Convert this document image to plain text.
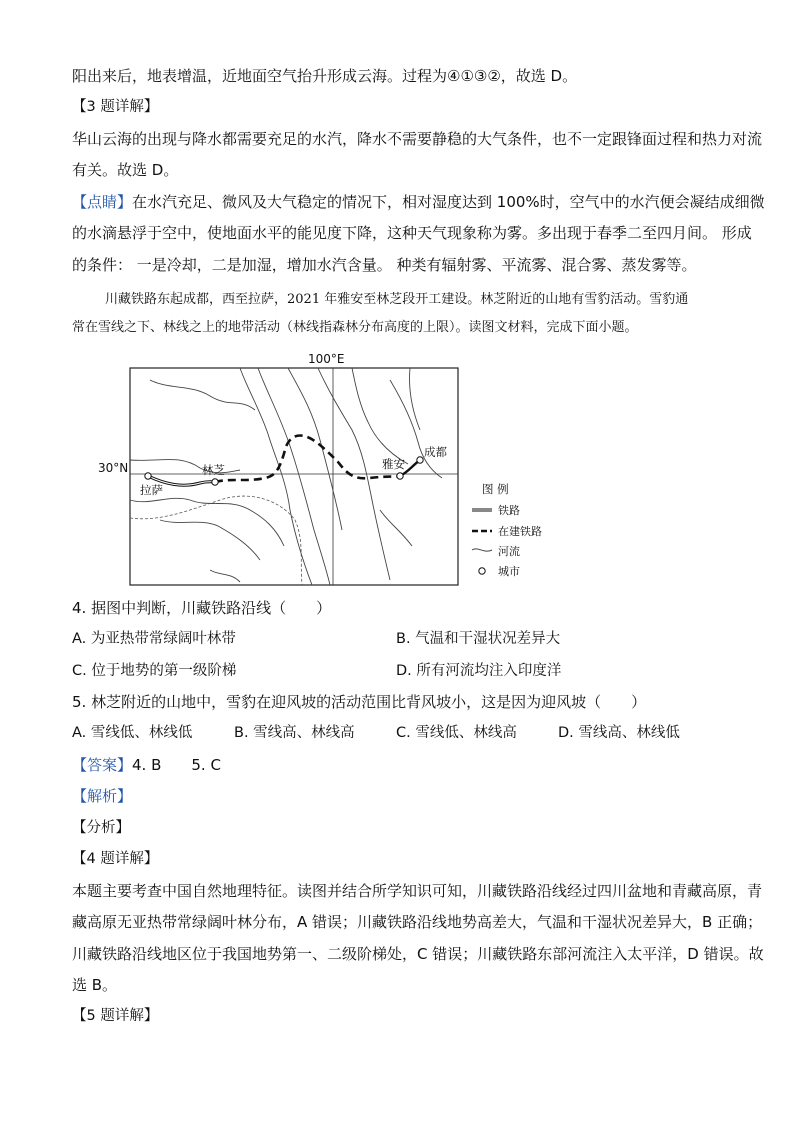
阳出来后，地表增温，近地面空气抬升形成云海。过程为④①③②，故选 D。
【3 题详解】
华山云海的出现与降水都需要充足的水汽，降水不需要静稳的大气条件，也不一定跟锋面过程和热力对流
有关。故选 D。
【点睛】在水汽充足、微风及大气稳定的情况下，相对湿度达到 100%时，空气中的水汽便会凝结成细微
的水滴悬浮于空中，使地面水平的能见度下降，这种天气现象称为雾。多出现于春季二至四月间。 形成
的条件： 一是冷却，二是加湿，增加水汽含量。 种类有辐射雾、平流雾、混合雾、蒸发雾等。
川藏铁路东起成都，西至拉萨，2021 年雅安至林芝段开工建设。林芝附近的山地有雪豹活动。雪豹通
常在雪线之下、林线之上的地带活动（林线指森林分布高度的上限）。读图文材料，完成下面小题。
100°E
30°N
拉萨
林芝	雅安
成都
图 例
铁路
在建铁路
河流
城市
4. 据图中判断，川藏铁路沿线（　　）
A. 为亚热带常绿阔叶林带	B. 气温和干湿状况差异大
C. 位于地势的第一级阶梯	D. 所有河流均注入印度洋
5. 林芝附近的山地中，雪豹在迎风坡的活动范围比背风坡小，这是因为迎风坡（　　）
A. 雪线低、林线低	B. 雪线高、林线高	C. 雪线低、林线高	D. 雪线高、林线低
【答案】4. B　　5. C
【解析】
【分析】
【4 题详解】
本题主要考查中国自然地理特征。读图并结合所学知识可知，川藏铁路沿线经过四川盆地和青藏高原，青
藏高原无亚热带常绿阔叶林分布，A 错误；川藏铁路沿线地势高差大，气温和干湿状况差异大，B 正确；
川藏铁路沿线地区位于我国地势第一、二级阶梯处，C 错误；川藏铁路东部河流注入太平洋，D 错误。故
选 B。
【5 题详解】
